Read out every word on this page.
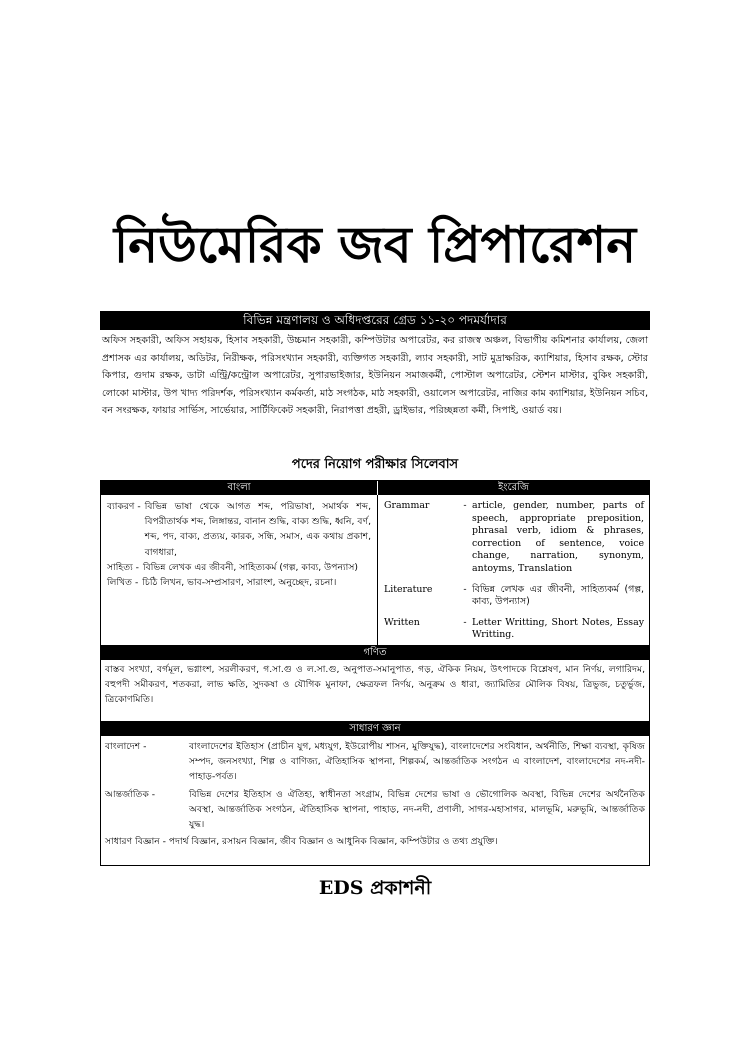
নিউমেরিক জব প্রিপারেশন
বিভিন্ন মন্ত্রণালয় ও অধিদপ্তরের গ্রেড ১১-২০ পদমর্যাদার
অফিস সহকারী, অফিস সহায়ক, হিসাব সহকারী, উচ্চমান সহকারী, কম্পিউটার অপারেটর, কর রাজস্ব অঞ্চল, বিভাগীয় কমিশনার কার্যালয়, জেলা প্রশাসক এর কার্যালয়, অডিটর, নিরীক্ষক, পরিসংখ্যান সহকারী, ব্যক্তিগত সহকারী, ল্যাব সহকারী, সাট মুদ্রাক্ষরিক, ক্যাশিয়ার, হিসাব রক্ষক, স্টোর কিপার, গুদাম রক্ষক, ডাটা এন্ট্রি/কন্ট্রোল অপারেটর, সুপারভাইজার, ইউনিয়ন সমাজকর্মী, পোস্টাল অপারেটর, স্টেশন মাস্টার, বুকিং সহকারী, লোকো মাস্টার, উপ খাদ্য পরিদর্শক, পরিসংখ্যান কর্মকর্তা, মাঠ সংগঠক, মাঠ সহকারী, ওয়ালেস অপারেটর, নাজির কাম ক্যাশিয়ার, ইউনিয়ন সচিব, বন সংরক্ষক, ফায়ার সার্ভিস, সার্ভেয়ার, সার্টিফিকেট সহকারী, নিরাপত্তা প্রহরী, ড্রাইভার, পরিচ্ছন্নতা কর্মী, সিপাই, ওয়ার্ড বয়।
পদের নিয়োগ পরীক্ষার সিলেবাস
বাংলা	ইংরেজি
ব্যাকরণ - বিভিন্ন ভাষা থেকে আগত শব্দ, পরিভাষা, সমার্থক শব্দ, বিপরীতার্থক শব্দ, লিঙ্গান্তর, বানান শুদ্ধি, বাক্য শুদ্ধি, ধ্বনি, বর্ণ, শব্দ, পদ, বাক্য, প্রত্যয়, কারক, সন্ধি, সমাস, এক কথায় প্রকাশ, বাগধারা,
সাহিত্য - বিভিন্ন লেখক এর জীবনী, সাহিত্যকর্ম (গল্প, কাব্য, উপন্যাস)
লিখিত - চিঠি লিখন, ভাব-সম্প্রসারণ, সারাংশ, অনুচ্ছেদ, রচনা।
Grammar	- article, gender, number, parts of speech, appropriate preposition, phrasal verb, idiom & phrases, correction of sentence, voice change, narration, synonym, antoyms, Translation
Literature	- বিভিন্ন লেখক এর জীবনী, সাহিত্যকর্ম (গল্প, কাব্য, উপন্যাস)
Written	- Letter Writting, Short Notes, Essay Writting.
গণিত
বাস্তব সংখ্যা, বর্গমূল, ভগ্নাংশ, সরলীকরণ, গ.সা.গু ও ল.সা.গু, অনুপাত-সমানুপাত, গড়, ঐকিক নিয়ম, উৎপাদকে বিশ্লেষণ, মান নির্ণয়, লগারিদম, বহুপদী সমীকরণ, শতকরা, লাভ ক্ষতি, সুদকষা ও যৌগিক মুনাফা, ক্ষেত্রফল নির্ণয়, অনুক্রম ও ধারা, জ্যামিতির মৌলিক বিষয়, ত্রিভুজ, চতুর্ভুজ, ত্রিকোণমিতি।
সাধারণ জ্ঞান
বাংলাদেশ -	বাংলাদেশের ইতিহাস (প্রাচীন যুগ, মধ্যযুগ, ইউরোপীয় শাসন, মুক্তিযুদ্ধ), বাংলাদেশের সংবিধান, অর্থনীতি, শিক্ষা ব্যবস্থা, কৃষিজ সম্পদ, জনসংখ্যা, শিল্প ও বাণিজ্য, ঐতিহাসিক স্থাপনা, শিল্পকর্ম, আন্তর্জাতিক সংগঠন এ বাংলাদেশ, বাংলাদেশের নদ-নদী-পাহাড়-পর্বত।
আন্তর্জাতিক -	বিভিন্ন দেশের ইতিহাস ও ঐতিহ্য, স্বাধীনতা সংগ্রাম, বিভিন্ন দেশের ভাষা ও ভৌগোলিক অবস্থা, বিভিন্ন দেশের অর্থনৈতিক অবস্থা, আন্তর্জাতিক সংগঠন, ঐতিহাসিক স্থাপনা, পাহাড়, নদ-নদী, প্রণালী, সাগর-মহাসাগর, মালভূমি, মরুভূমি, আন্তর্জাতিক যুদ্ধ।
সাধারণ বিজ্ঞান - পদার্থ বিজ্ঞান, রসায়ন বিজ্ঞান, জীব বিজ্ঞান ও আধুনিক বিজ্ঞান, কম্পিউটার ও তথ্য প্রযুক্তি।
EDS প্রকাশনী
